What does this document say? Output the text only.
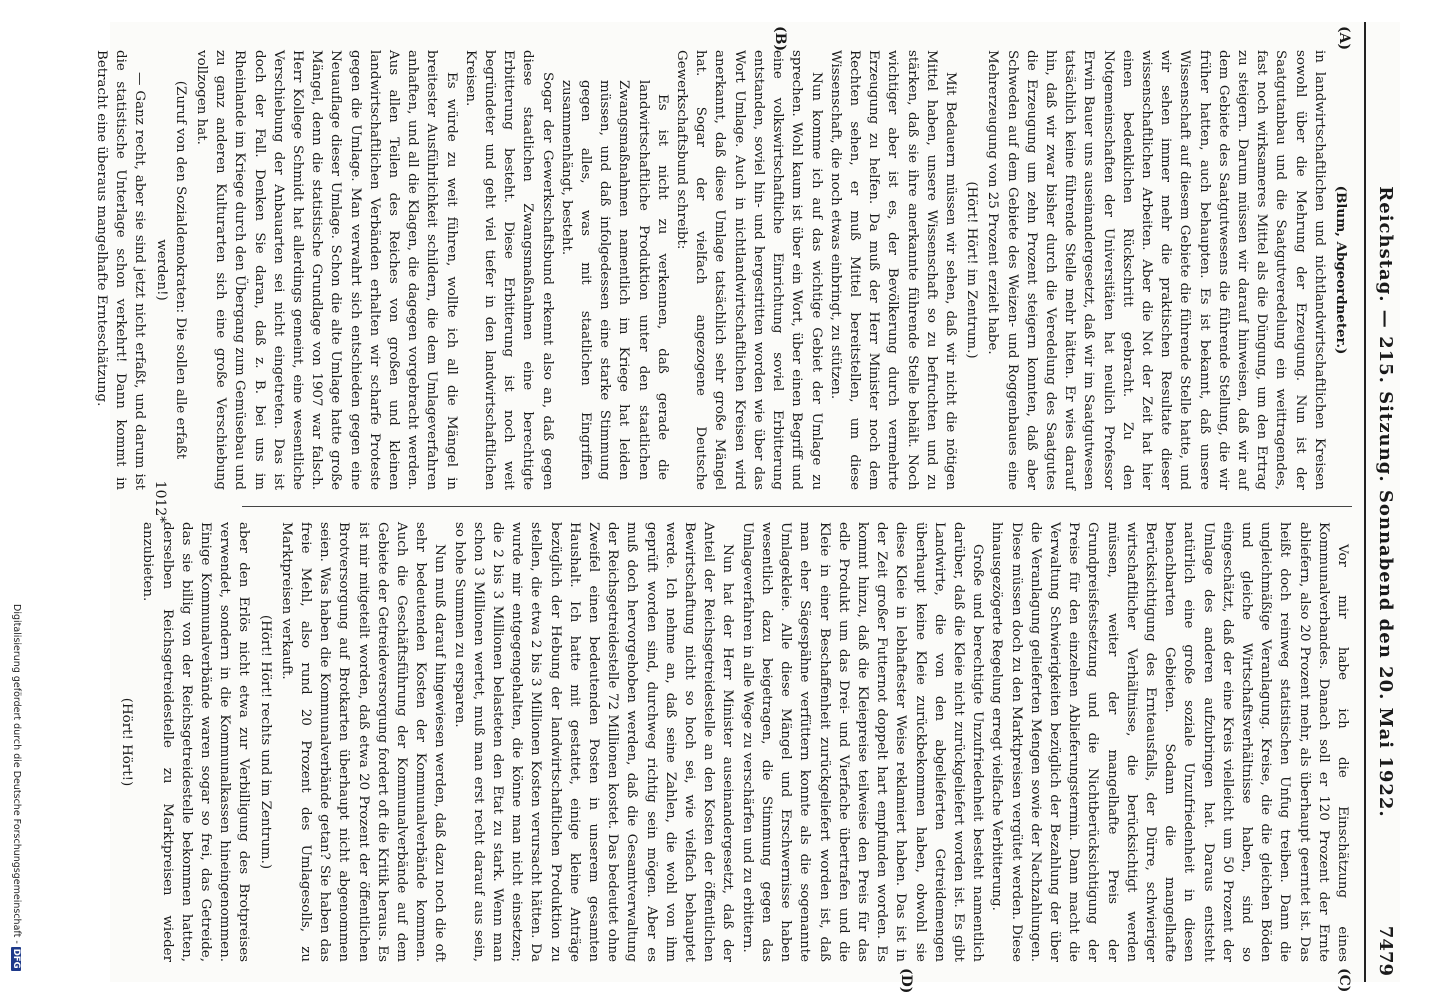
Reichstag. — 215. Sitzung. Sonnabend den 20. Mai 1922.
7479
(A)
(B)
(C)
(D)

(Blum, Abgeordneter.)

in landwirtschaftlichen und nichtlandwirtschaftlichen Kreisen sowohl über die Mehrung der Erzeugung. Nun ist der Saatgutanbau und die Saatgutveredelung ein weittragendes, fast noch wirksameres Mittel als die Düngung, um den Ertrag zu steigern. Darum müssen wir darauf hinweisen, daß wir auf dem Gebiete des Saatgutwesens die führende Stellung, die wir früher hatten, auch behaupten. Es ist bekannt, daß unsere Wissenschaft auf diesem Gebiete die führende Stelle hatte, und wir sehen immer mehr die praktischen Resultate dieser wissenschaftlichen Arbeiten. Aber die Not der Zeit hat hier einen bedenklichen Rückschritt gebracht. Zu den Notgemeinschaften der Universitäten hat neulich Professor Erwin Bauer uns auseinandergesetzt, daß wir im Saatgutwesen tatsächlich keine führende Stelle mehr hätten. Er wies darauf hin, daß wir zwar bisher durch die Veredelung des Saatgutes die Erzeugung um zehn Prozent steigern konnten, daß aber Schweden auf dem Gebiete des Weizen- und Roggenbaues eine Mehrerzeugung von 25 Prozent erzielt habe.

(Hört! Hört! im Zentrum.)

Mit Bedauern müssen wir sehen, daß wir nicht die nötigen Mittel haben, unsere Wissenschaft so zu befruchten und zu stärken, daß sie ihre anerkannte führende Stelle behält. Noch wichtiger aber ist es, der Bevölkerung durch vermehrte Erzeugung zu helfen. Da muß der Herr Minister noch dem Rechten sehen, er muß Mittel bereitstellen, um diese Wissenschaft, die noch etwas einbringt, zu stützen.

Nun komme ich auf das wichtige Gebiet der Umlage zu sprechen. Wohl kaum ist über ein Wort, über einen Begriff und eine volkswirtschaftliche Einrichtung soviel Erbitterung entstanden, soviel hin- und hergestritten worden wie über das Wort Umlage. Auch in nichtlandwirtschaftlichen Kreisen wird anerkannt, daß diese Umlage tatsächlich sehr große Mängel hat. Sogar der vielfach angezogene Deutsche Gewerkschaftsbund schreibt:

Es ist nicht zu verkennen, daß gerade die landwirtschaftliche Produktion unter den staatlichen Zwangsmaßnahmen namentlich im Kriege hat leiden müssen, und daß infolgedessen eine starke Stimmung gegen alles, was mit staatlichen Eingriffen zusammenhängt, besteht.

Sogar der Gewerkschaftsbund erkennt also an, daß gegen diese staatlichen Zwangsmaßnahmen eine berechtigte Erbitterung besteht. Diese Erbitterung ist noch weit begründeter und geht viel tiefer in den landwirtschaftlichen Kreisen.

Es würde zu weit führen, wollte ich all die Mängel in breitester Ausführlichkeit schildern, die dem Umlageverfahren anhaften, und all die Klagen, die dagegen vorgebracht werden. Aus allen Teilen des Reiches von großen und kleinen landwirtschaftlichen Verbänden erhalten wir scharfe Proteste gegen die Umlage. Man verwahrt sich entschieden gegen eine Neuauflage dieser Umlage. Schon die alte Umlage hatte große Mängel, denn die statistische Grundlage von 1907 war falsch. Herr Kollege Schmidt hat allerdings gemeint, eine wesentliche Verschiebung der Anbauarten sei nicht eingetreten. Das ist doch der Fall. Denken Sie daran, daß z. B. bei uns im Rheinlande im Kriege durch den Übergang zum Gemüsebau und zu ganz anderen Kulturarten sich eine große Verschiebung vollzogen hat.

(Zuruf von den Sozialdemokraten: Die sollen alle erfaßt werden!)

— Ganz recht, aber sie sind jetzt nicht erfaßt, und darum ist die statistische Unterlage schon verkehrt! Dann kommt in Betracht eine überaus mangelhafte Ernteschätzung.

Vor mir habe ich die Einschätzung eines Kommunalverbandes. Danach soll er 120 Prozent der Ernte abliefern, also 20 Prozent mehr, als überhaupt geerntet ist. Das heißt doch reinweg statistischen Unfug treiben. Dann die ungleichmäßige Veranlagung. Kreise, die die gleichen Böden und gleiche Wirtschaftsverhältnisse haben, sind so eingeschätzt, daß der eine Kreis vielleicht um 50 Prozent der Umlage des anderen aufzubringen hat. Daraus entsteht natürlich eine große soziale Unzufriedenheit in diesen benachbarten Gebieten. Sodann die mangelhafte Berücksichtigung des Ernteausfalls, der Dürre, schwieriger wirtschaftlicher Verhältnisse, die berücksichtigt werden müssen, weiter der mangelhafte Preis der Grundpreisfestsetzung und die Nichtberücksichtigung der Preise für den einzelnen Ablieferungstermin. Dann macht die Verwaltung Schwierigkeiten bezüglich der Bezahlung der über die Veranlagung gelieferten Mengen sowie der Nachzahlungen. Diese müssen doch zu den Marktpreisen vergütet werden. Diese hinausgezögerte Regelung erregt vielfache Verbitterung.

Große und berechtigte Unzufriedenheit besteht namentlich darüber, daß die Kleie nicht zurückgeliefert worden ist. Es gibt Landwirte, die von den abgelieferten Getreidemengen überhaupt keine Kleie zurückbekommen haben, obwohl sie diese Kleie in lebhaftester Weise reklamiert haben. Das ist in der Zeit großer Futternot doppelt hart empfunden worden. Es kommt hinzu, daß die Kleiepreise teilweise den Preis für das edle Produkt um das Drei- und Vierfache übertrafen und die Kleie in einer Beschaffenheit zurückgeliefert worden ist, daß man eher Sägespähne verfüttern konnte als die sogenannte Umlagekleie. Alle diese Mängel und Erschwernisse haben wesentlich dazu beigetragen, die Stimmung gegen das Umlageverfahren in alle Wege zu verschärfen und zu erbittern.

Nun hat der Herr Minister auseinandergesetzt, daß der Anteil der Reichsgetreidestelle an den Kosten der öffentlichen Bewirtschaftung nicht so hoch sei, wie vielfach behauptet werde. Ich nehme an, daß seine Zahlen, die wohl von ihm geprüft worden sind, durchweg richtig sein mögen. Aber es muß doch hervorgehoben werden, daß die Gesamtverwaltung der Reichsgetreidestelle 72 Millionen kostet. Das bedeutet ohne Zweifel einen bedeutenden Posten in unserem gesamten Haushalt. Ich hatte mit gestattet, einige kleine Anträge bezüglich der Hebung der landwirtschaftlichen Produktion zu stellen, die etwa 2 bis 3 Millionen Kosten verursacht hätten. Da wurde mir entgegengehalten, die könne man nicht einsetzen; die 2 bis 3 Millionen belasteten den Etat zu stark. Wenn man schon 3 Millionen wertet, muß man erst recht darauf aus sein, so hohe Summen zu ersparen.

Nun muß darauf hingewiesen werden, daß dazu noch die oft sehr bedeutenden Kosten der Kommunalverbände kommen. Auch die Geschäftsführung der Kommunalverbände auf dem Gebiete der Getreideversorgung fordert oft die Kritik heraus. Es ist mir mitgeteilt worden, daß etwa 20 Prozent der öffentlichen Brotversorgung auf Brotkarten überhaupt nicht abgenommen seien. Was haben die Kommunalverbände getan? Sie haben das freie Mehl, also rund 20 Prozent des Umlagesolls, zu Marktpreisen verkauft.

(Hört! Hört! rechts und im Zentrum.)

aber den Erlös nicht etwa zur Verbilligung des Brotpreises verwendet, sondern in die Kommunalkassen hineingenommen. Einige Kommunalverbände waren sogar so frei, das Getreide, das sie billig von der Reichsgetreidestelle bekommen hatten, derselben Reichsgetreidestelle zu Marktpreisen wieder anzubieten.

(Hört! Hört!)

1012*
Digitalisierung gefördert durch die Deutsche Forschungsgemeinschaft -DFG
